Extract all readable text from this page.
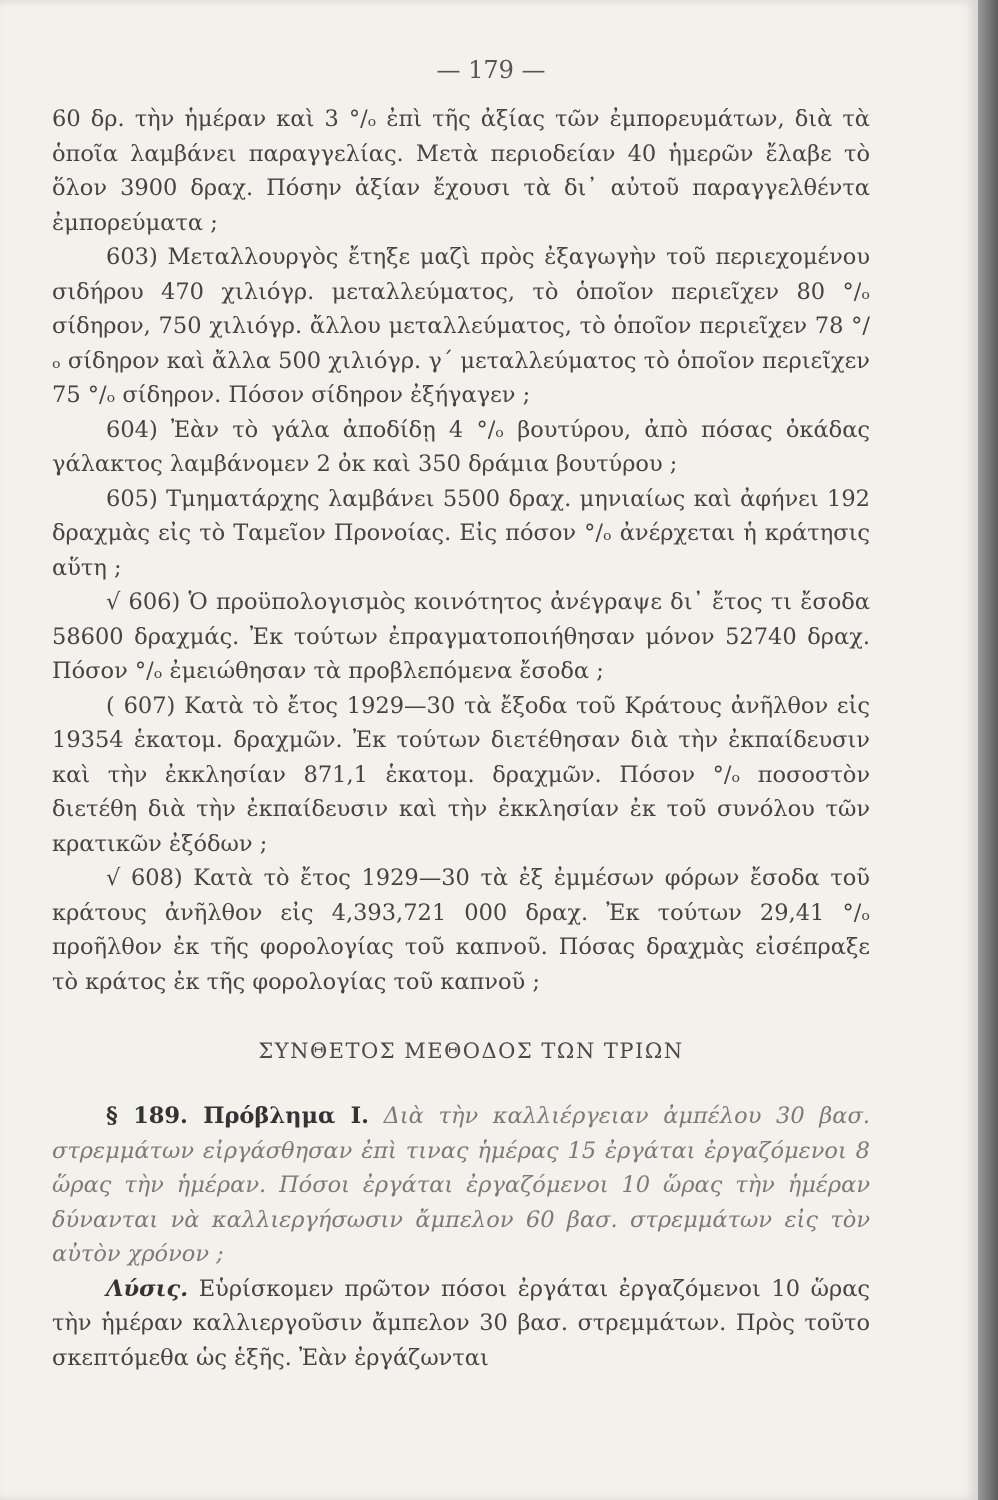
— 179 —

60 δρ. τὴν ἡμέραν καὶ 3 °/ₒ ἐπὶ τῆς ἀξίας τῶν ἐμπορευμάτων, διὰ τὰ ὁποῖα λαμβάνει παραγγελίας. Μετὰ περιοδείαν 40 ἡμερῶν ἔλαβε τὸ ὅλον 3900 δραχ. Πόσην ἀξίαν ἔχουσι τὰ δι᾽ αὐτοῦ παραγγελθέντα ἐμπορεύματα ;

603) Μεταλλουργὸς ἔτηξε μαζὶ πρὸς ἐξαγωγὴν τοῦ περιεχομένου σιδήρου 470 χιλιόγρ. μεταλλεύματος, τὸ ὁποῖον περιεῖχεν 80 °/ₒ σίδηρον, 750 χιλιόγρ. ἄλλου μεταλλεύματος, τὸ ὁποῖον περιεῖχεν 78 °/ₒ σίδηρον καὶ ἄλλα 500 χιλιόγρ. γ΄ μεταλλεύματος τὸ ὁποῖον περιεῖχεν 75 °/ₒ σίδηρον. Πόσον σίδηρον ἐξήγαγεν ;

604) Ἐὰν τὸ γάλα ἀποδίδῃ 4 °/ₒ βουτύρου, ἀπὸ πόσας ὀκάδας γάλακτος λαμβάνομεν 2 ὀκ καὶ 350 δράμια βουτύρου ;

605) Τμηματάρχης λαμβάνει 5500 δραχ. μηνιαίως καὶ ἀφήνει 192 δραχμὰς εἰς τὸ Ταμεῖον Προνοίας. Εἰς πόσον °/ₒ ἀνέρχεται ἡ κράτησις αὕτη ;

√ 606) Ὁ προϋπολογισμὸς κοινότητος ἀνέγραψε δι᾽ ἔτος τι ἔσοδα 58600 δραχμάς. Ἐκ τούτων ἐπραγματοποιήθησαν μόνον 52740 δραχ. Πόσον °/ₒ ἐμειώθησαν τὰ προβλεπόμενα ἔσοδα ;

( 607) Κατὰ τὸ ἔτος 1929—30 τὰ ἔξοδα τοῦ Κράτους ἀνῆλθον εἰς 19354 ἑκατομ. δραχμῶν. Ἐκ τούτων διετέθησαν διὰ τὴν ἐκπαίδευσιν καὶ τὴν ἐκκλησίαν 871,1 ἑκατομ. δραχμῶν. Πόσον °/ₒ ποσοστὸν διετέθη διὰ τὴν ἐκπαίδευσιν καὶ τὴν ἐκκλησίαν ἐκ τοῦ συνόλου τῶν κρατικῶν ἐξόδων ;

√ 608) Κατὰ τὸ ἔτος 1929—30 τὰ ἐξ ἐμμέσων φόρων ἔσοδα τοῦ κράτους ἀνῆλθον εἰς 4,393,721 000 δραχ. Ἐκ τούτων 29,41 °/ₒ προῆλθον ἐκ τῆς φορολογίας τοῦ καπνοῦ. Πόσας δραχμὰς εἰσέπραξε τὸ κράτος ἐκ τῆς φορολογίας τοῦ καπνοῦ ;

ΣΥΝΘΕΤΟΣ ΜΕΘΟΔΟΣ ΤΩΝ ΤΡΙΩΝ

§ 189. Πρόβλημα Ι. Διὰ τὴν καλλιέργειαν ἀμπέλου 30 βασ. στρεμμάτων εἰργάσθησαν ἐπὶ τινας ἡμέρας 15 ἐργάται ἐργαζόμενοι 8 ὥρας τὴν ἡμέραν. Πόσοι ἐργάται ἐργαζόμενοι 10 ὥρας τὴν ἡμέραν δύνανται νὰ καλλιεργήσωσιν ἄμπελον 60 βασ. στρεμμάτων εἰς τὸν αὐτὸν χρόνον ;

Λύσις. Εὑρίσκομεν πρῶτον πόσοι ἐργάται ἐργαζόμενοι 10 ὥρας τὴν ἡμέραν καλλιεργοῦσιν ἄμπελον 30 βασ. στρεμμάτων. Πρὸς τοῦτο σκεπτόμεθα ὡς ἑξῆς. Ἐὰν ἐργάζωνται
